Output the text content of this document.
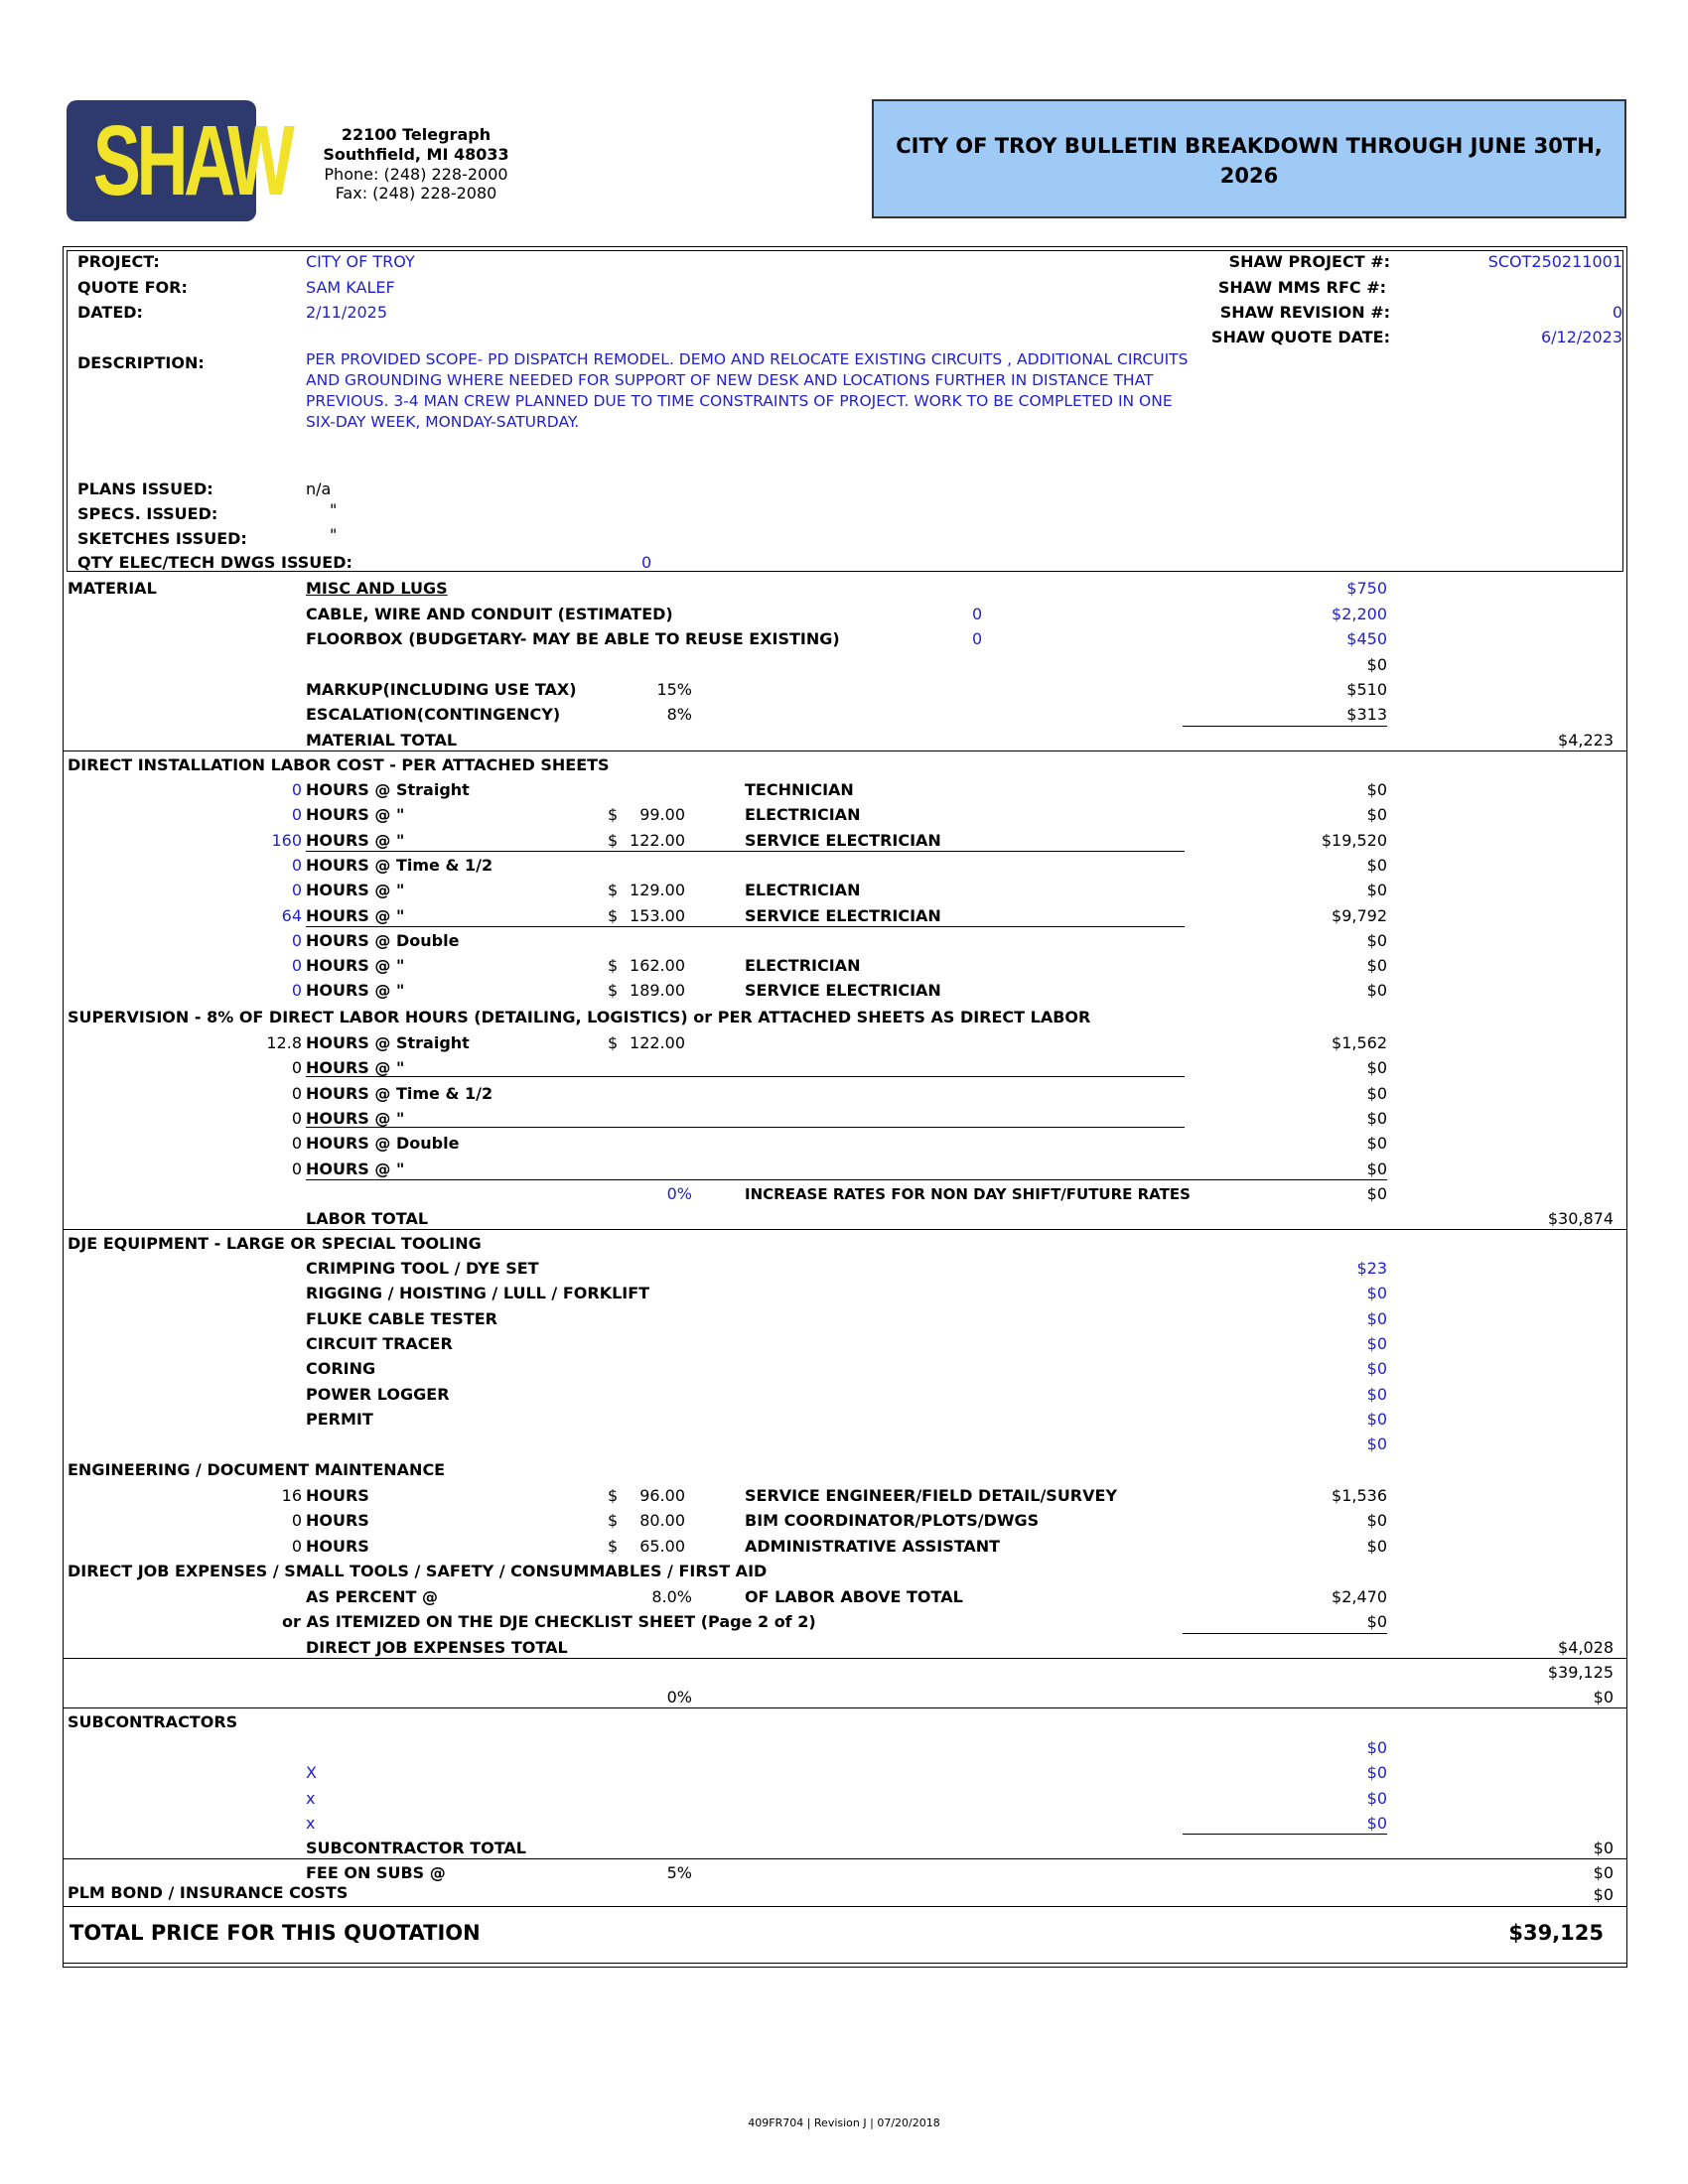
SHAW	22100 Telegraph
Southfield, MI 48033
Phone: (248) 228-2000
Fax: (248) 228-2080
CITY OF TROY BULLETIN BREAKDOWN THROUGH JUNE 30TH, 2026
PROJECT:	CITY OF TROY
QUOTE FOR:	SAM KALEF
DATED:	2/11/2025
SHAW PROJECT #:	SCOT250211001
SHAW MMS RFC #:
SHAW REVISION #:	0
SHAW QUOTE DATE:	6/12/2023
DESCRIPTION:	PER PROVIDED SCOPE- PD DISPATCH REMODEL. DEMO AND RELOCATE EXISTING CIRCUITS , ADDITIONAL CIRCUITS AND GROUNDING WHERE NEEDED FOR SUPPORT OF NEW DESK AND LOCATIONS FURTHER IN DISTANCE THAT PREVIOUS. 3-4 MAN CREW PLANNED DUE TO TIME CONSTRAINTS OF PROJECT. WORK TO BE COMPLETED IN ONE SIX-DAY WEEK, MONDAY-SATURDAY.
PLANS ISSUED:	n/a
SPECS. ISSUED:	"
SKETCHES ISSUED:	"
QTY ELEC/TECH DWGS ISSUED:	0
MATERIAL	MISC AND LUGS	$750
CABLE, WIRE AND CONDUIT (ESTIMATED)	0	$2,200
FLOORBOX (BUDGETARY- MAY BE ABLE TO REUSE EXISTING)	0	$450
$0
MARKUP(INCLUDING USE TAX)	15%	$510
ESCALATION(CONTINGENCY)	8%	$313
MATERIAL TOTAL	$4,223
DIRECT INSTALLATION LABOR COST - PER ATTACHED SHEETS
0 HOURS @ Straight	TECHNICIAN	$0
0 HOURS @ "	$ 99.00	ELECTRICIAN	$0
160 HOURS @ "	$ 122.00	SERVICE ELECTRICIAN	$19,520
0 HOURS @ Time & 1/2	$0
0 HOURS @ "	$ 129.00	ELECTRICIAN	$0
64 HOURS @ "	$ 153.00	SERVICE ELECTRICIAN	$9,792
0 HOURS @ Double	$0
0 HOURS @ "	$ 162.00	ELECTRICIAN	$0
0 HOURS @ "	$ 189.00	SERVICE ELECTRICIAN	$0
SUPERVISION - 8% OF DIRECT LABOR HOURS (DETAILING, LOGISTICS) or PER ATTACHED SHEETS AS DIRECT LABOR
12.8 HOURS @ Straight	$ 122.00	$1,562
0 HOURS @ "	$0
0 HOURS @ Time & 1/2	$0
0 HOURS @ "	$0
0 HOURS @ Double	$0
0 HOURS @ "	$0
0%	INCREASE RATES FOR NON DAY SHIFT/FUTURE RATES	$0
LABOR TOTAL	$30,874
DJE EQUIPMENT - LARGE OR SPECIAL TOOLING
CRIMPING TOOL / DYE SET	$23
RIGGING / HOISTING / LULL / FORKLIFT	$0
FLUKE CABLE TESTER	$0
CIRCUIT TRACER	$0
CORING	$0
POWER LOGGER	$0
PERMIT	$0
$0
ENGINEERING / DOCUMENT MAINTENANCE
16 HOURS	$ 96.00	SERVICE ENGINEER/FIELD DETAIL/SURVEY	$1,536
0 HOURS	$ 80.00	BIM COORDINATOR/PLOTS/DWGS	$0
0 HOURS	$ 65.00	ADMINISTRATIVE ASSISTANT	$0
DIRECT JOB EXPENSES / SMALL TOOLS / SAFETY / CONSUMMABLES / FIRST AID
AS PERCENT @	8.0%	OF LABOR ABOVE TOTAL	$2,470
or AS ITEMIZED ON THE DJE CHECKLIST SHEET (Page 2 of 2)	$0
DIRECT JOB EXPENSES TOTAL	$4,028
$39,125
0%	$0
SUBCONTRACTORS
$0
X	$0
x	$0
x	$0
SUBCONTRACTOR TOTAL	$0
FEE ON SUBS @	5%	$0
PLM BOND / INSURANCE COSTS	$0
TOTAL PRICE FOR THIS QUOTATION	$39,125
409FR704 | Revision J | 07/20/2018
